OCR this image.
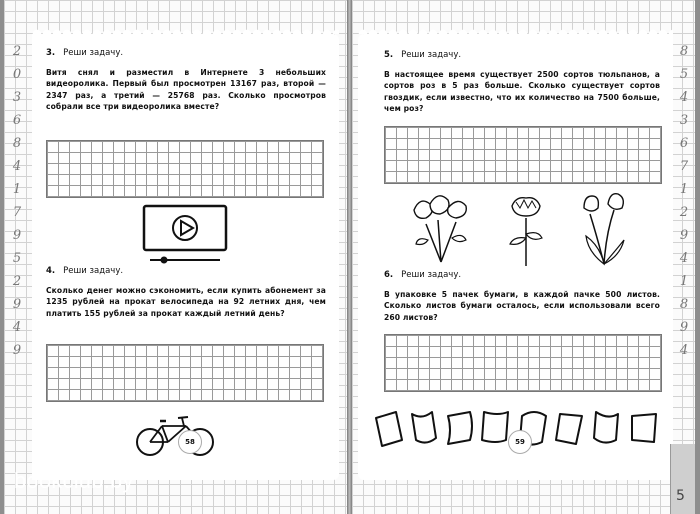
2
0
3
6
8
4
1
7
9
5
2
9
4
9

3. Реши задачу.
Витя снял и разместил в Интернете 3 небольших видеоролика. Первый был просмотрен 13167 раз, второй — 2347 раз, а третий — 25768 раз. Сколько просмотров собрали все три видеоролика вместе?
4. Реши задачу.
Сколько денег можно сэкономить, если купить абонемент за 1235 рублей на прокат велосипеда на 92 летних дня, чем платить 155 рублей за прокат каждый летний день?
58
bookclub.by
8
5
4
3
6
7
1
2
9
4
1
8
9
4

5. Реши задачу.
В настоящее время существует 2500 сортов тюльпанов, а сортов роз в 5 раз больше. Сколько существует сортов гвоздик, если известно, что их количество на 7500 больше, чем роз?
6. Реши задачу.
В упаковке 5 пачек бумаги, в каждой пачке 500 листов. Сколько листов бумаги осталось, если использовали всего 260 листов?
59
5
